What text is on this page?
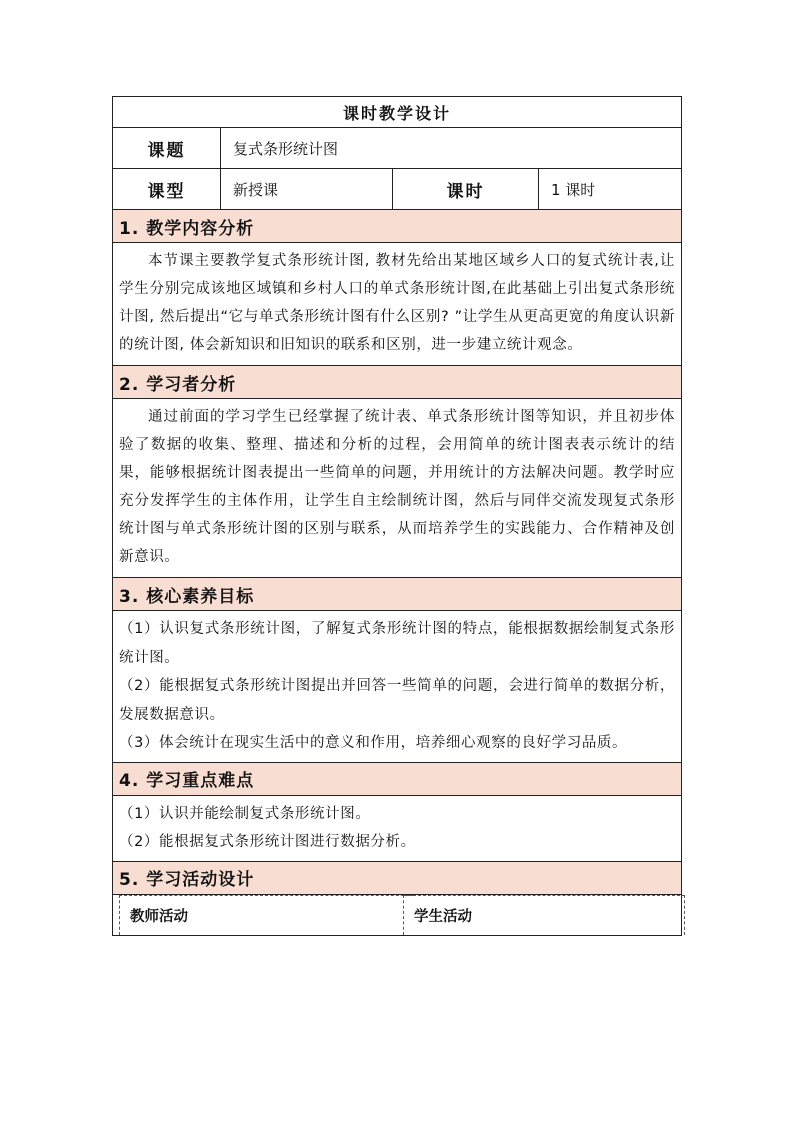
课时教学设计			
课题	复式条形统计图		
课型	新授课	课时	1 课时
1. 教学内容分析			

本节课主要教学复式条形统计图, 教材先给出某地区域乡人口的复式统计表,让学生分别完成该地区域镇和乡村人口的单式条形统计图,在此基础上引出复式条形统计图, 然后提出“它与单式条形统计图有什么区别? ”让学生从更高更宽的角度认识新的统计图, 体会新知识和旧知识的联系和区别，进一步建立统计观念。			

2. 学习者分析			

通过前面的学习学生已经掌握了统计表、单式条形统计图等知识，并且初步体验了数据的收集、整理、描述和分析的过程，会用简单的统计图表表示统计的结果，能够根据统计图表提出一些简单的问题，并用统计的方法解决问题。教学时应充分发挥学生的主体作用，让学生自主绘制统计图，然后与同伴交流发现复式条形统计图与单式条形统计图的区别与联系，从而培养学生的实践能力、合作精神及创新意识。			

3. 核心素养目标			

（1）认识复式条形统计图，了解复式条形统计图的特点，能根据数据绘制复式条形统计图。

（2）能根据复式条形统计图提出并回答一些简单的问题，会进行简单的数据分析，发展数据意识。

（3）体会统计在现实生活中的意义和作用，培养细心观察的良好学习品质。			

4. 学习重点难点			

（1）认识并能绘制复式条形统计图。

（2）能根据复式条形统计图进行数据分析。			

5. 学习活动设计			

教师活动 学生活动			
